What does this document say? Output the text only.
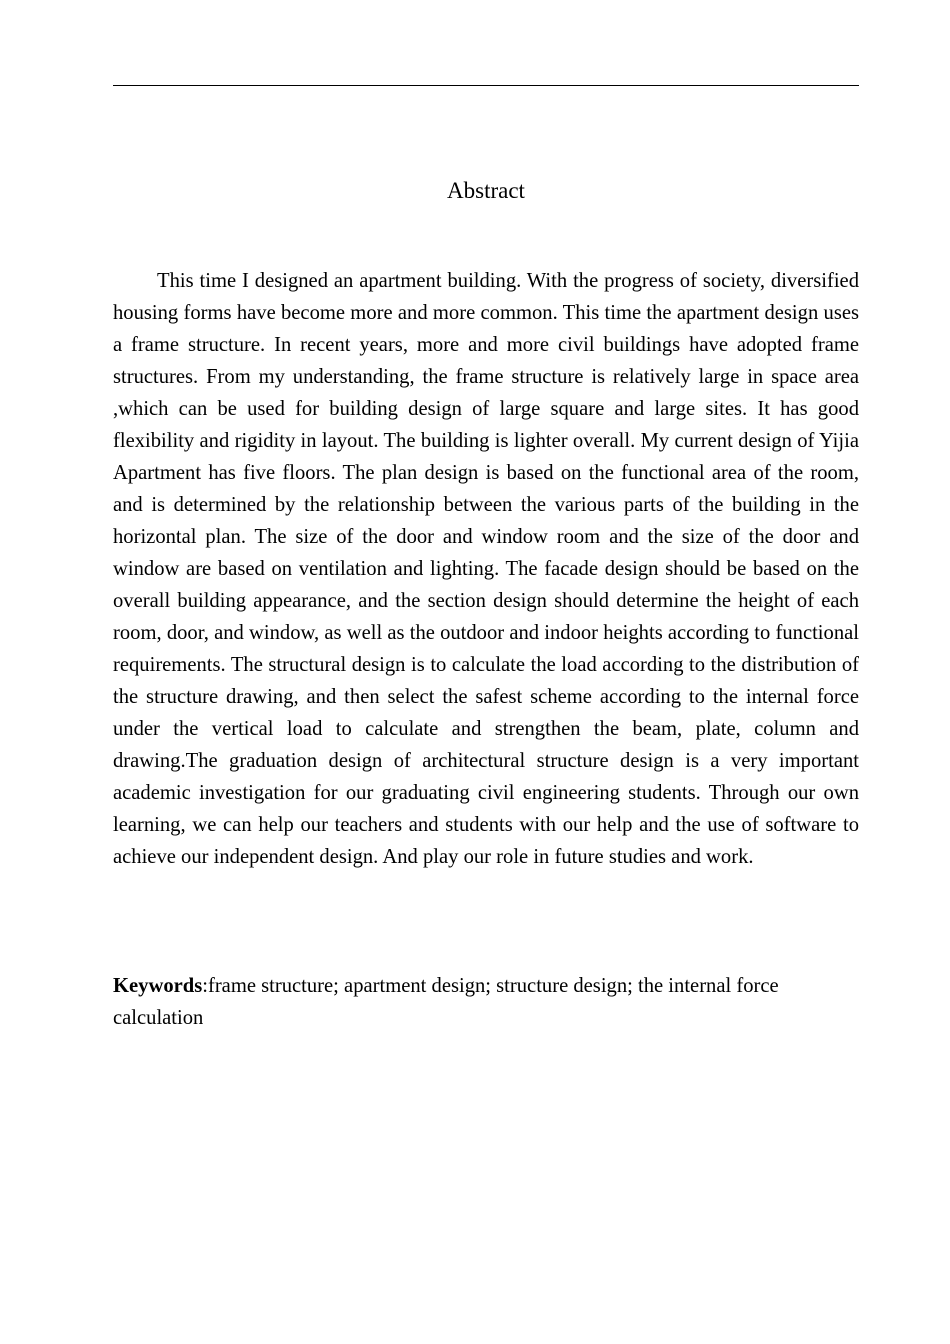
Abstract

This time I designed an apartment building. With the progress of society, diversified housing forms have become more and more common. This time the apartment design uses a frame structure. In recent years, more and more civil buildings have adopted frame structures. From my understanding, the frame structure is relatively large in space area ,which can be used for building design of large square and large sites. It has good flexibility and rigidity in layout. The building is lighter overall. My current design of Yijia Apartment has five floors. The plan design is based on the functional area of the room, and is determined by the relationship between the various parts of the building in the horizontal plan. The size of the door and window room and the size of the door and window are based on ventilation and lighting. The facade design should be based on the overall building appearance, and the section design should determine the height of each room, door, and window, as well as the outdoor and indoor heights according to functional requirements. The structural design is to calculate the load according to the distribution of the structure drawing, and then select the safest scheme according to the internal force under the vertical load to calculate and strengthen the beam, plate, column and drawing.The graduation design of architectural structure design is a very important academic investigation for our graduating civil engineering students. Through our own learning, we can help our teachers and students with our help and the use of software to achieve our independent design. And play our role in future studies and work.

Keywords:frame structure; apartment design; structure design; the internal force calculation
